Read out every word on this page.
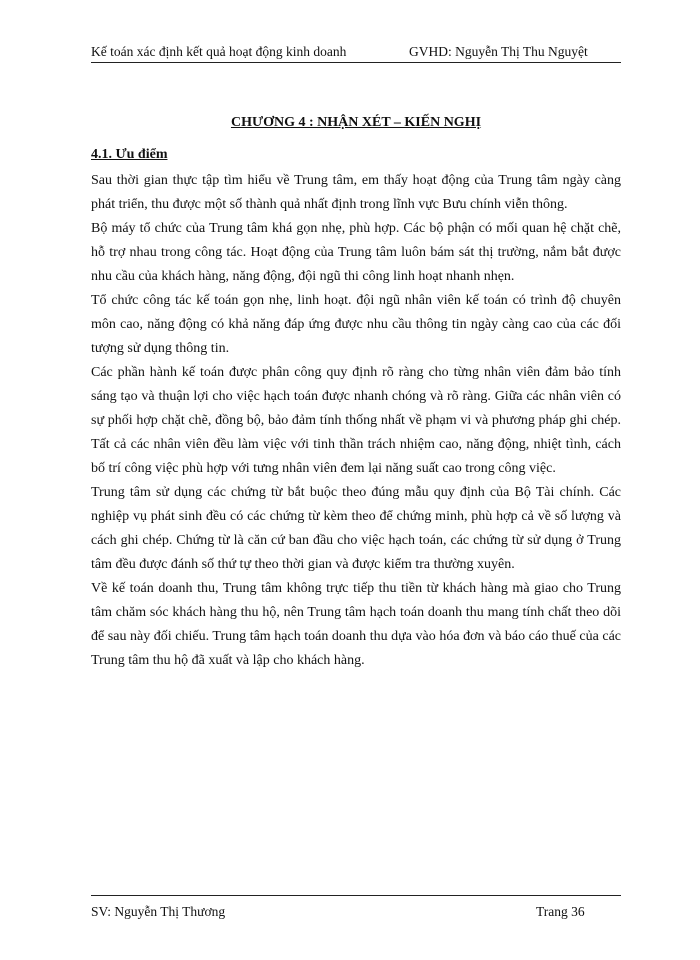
Kế toán xác định kết quả hoạt động kinh doanh	GVHD: Nguyễn Thị Thu Nguyệt
CHƯƠNG 4 : NHẬN XÉT – KIẾN NGHỊ
4.1. Ưu điểm

Sau thời gian thực tập tìm hiểu về Trung tâm, em thấy hoạt động của Trung tâm ngày càng phát triển, thu được một số thành quả nhất định trong lĩnh vực Bưu chính viễn thông.

Bộ máy tổ chức của Trung tâm khá gọn nhẹ, phù hợp. Các bộ phận có mối quan hệ chặt chẽ, hỗ trợ nhau trong công tác. Hoạt động của Trung tâm luôn bám sát thị trường, nắm bắt được nhu cầu của khách hàng, năng động, đội ngũ thi công linh hoạt nhanh nhẹn.

Tổ chức công tác kế toán gọn nhẹ, linh hoạt. đội ngũ nhân viên kế toán có trình độ chuyên môn cao, năng động có khả năng đáp ứng được nhu cầu thông tin ngày càng cao của các đối tượng sử dụng thông tin.

Các phần hành kế toán được phân công quy định rõ ràng cho từng nhân viên đảm bảo tính sáng tạo và thuận lợi cho việc hạch toán được nhanh chóng và rõ ràng. Giữa các nhân viên có sự phối hợp chặt chẽ, đồng bộ, bảo đảm tính thống nhất về phạm vi và phương pháp ghi chép. Tất cả các nhân viên đều làm việc với tinh thần trách nhiệm cao, năng động, nhiệt tình, cách bố trí công việc phù hợp với tưng nhân viên đem lại năng suất cao trong công việc.

Trung tâm sử dụng các chứng từ bắt buộc theo đúng mẫu quy định của Bộ Tài chính. Các nghiệp vụ phát sinh đều có các chứng từ kèm theo để chứng minh, phù hợp cả về số lượng và cách ghi chép. Chứng từ là căn cứ ban đầu cho việc hạch toán, các chứng từ sử dụng ở Trung tâm đều được đánh số thứ tự theo thời gian và được kiểm tra thường xuyên.

Về kế toán doanh thu, Trung tâm không trực tiếp thu tiền từ khách hàng mà giao cho Trung tâm chăm sóc khách hàng thu hộ, nên Trung tâm hạch toán doanh thu mang tính chất theo dõi để sau này đối chiếu. Trung tâm hạch toán doanh thu dựa vào hóa đơn và báo cáo thuế của các Trung tâm thu hộ đã xuất và lập cho khách hàng.

SV: Nguyễn Thị Thương	Trang 36
